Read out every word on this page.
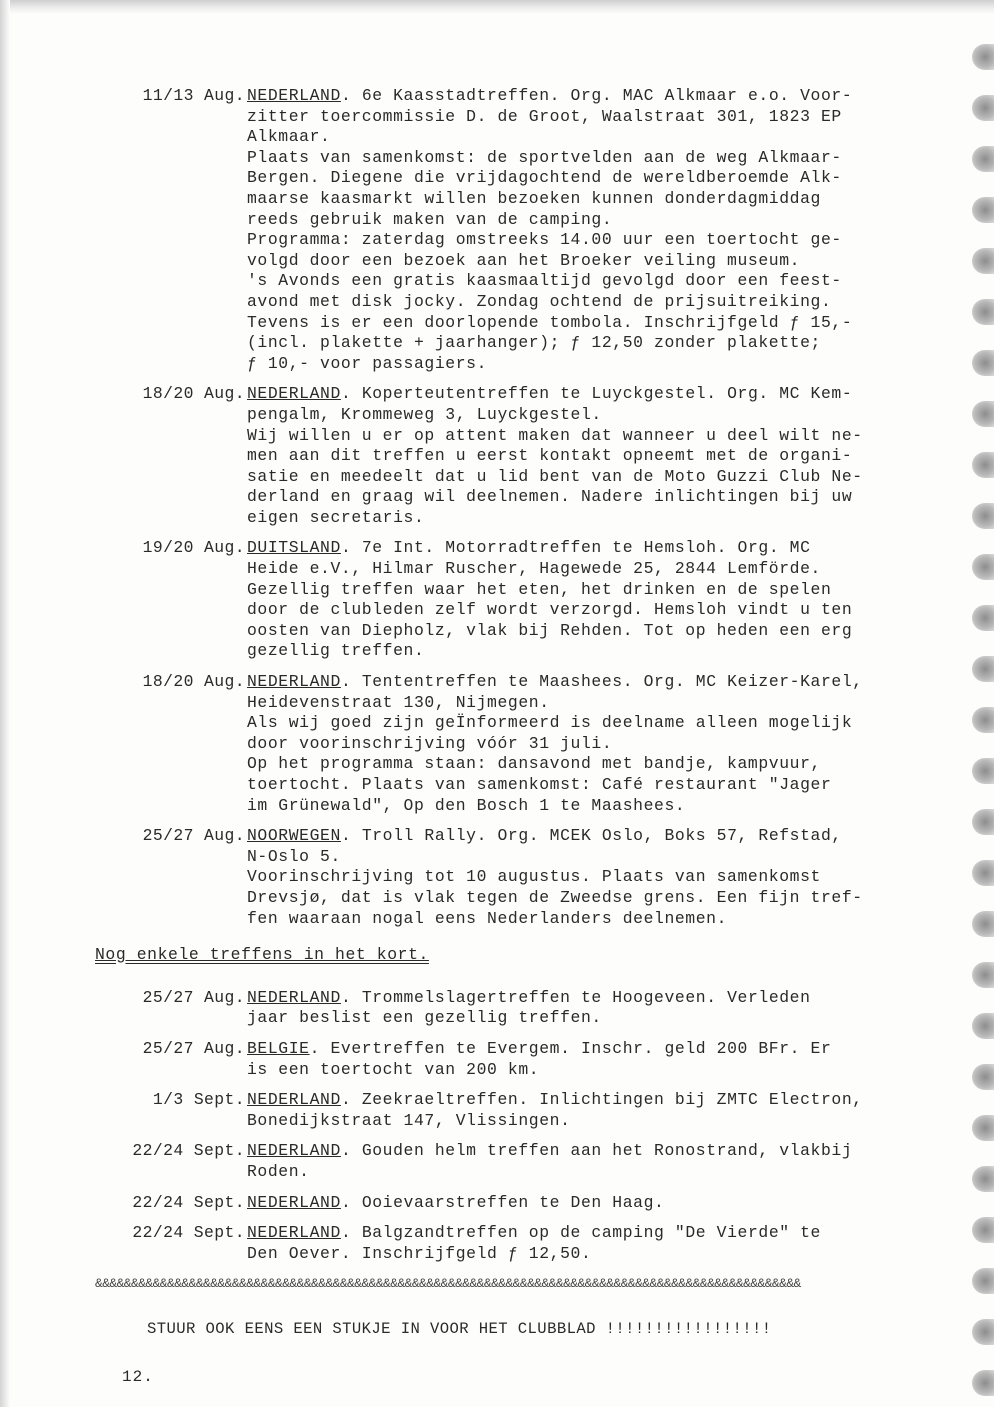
11/13 Aug. NEDERLAND. 6e Kaasstadtreffen. Org. MAC Alkmaar e.o. Voor-
zitter toercommissie D. de Groot, Waalstraat 301, 1823 EP
Alkmaar.
Plaats van samenkomst: de sportvelden aan de weg Alkmaar-
Bergen. Diegene die vrijdagochtend de wereldberoemde Alk-
maarse kaasmarkt willen bezoeken kunnen donderdagmiddag
reeds gebruik maken van de camping.
Programma: zaterdag omstreeks 14.00 uur een toertocht ge-
volgd door een bezoek aan het Broeker veiling museum.
's Avonds een gratis kaasmaaltijd gevolgd door een feest-
avond met disk jocky. Zondag ochtend de prijsuitreiking.
Tevens is er een doorlopende tombola. Inschrijfgeld ƒ 15,-
(incl. plakette + jaarhanger); ƒ 12,50 zonder plakette;
ƒ 10,- voor passagiers.
18/20 Aug. NEDERLAND. Koperteutentreffen te Luyckgestel. Org. MC Kem-
pengalm, Krommeweg 3, Luyckgestel.
Wij willen u er op attent maken dat wanneer u deel wilt ne-
men aan dit treffen u eerst kontakt opneemt met de organi-
satie en meedeelt dat u lid bent van de Moto Guzzi Club Ne-
derland en graag wil deelnemen. Nadere inlichtingen bij uw
eigen secretaris.
19/20 Aug. DUITSLAND. 7e Int. Motorradtreffen te Hemsloh. Org. MC
Heide e.V., Hilmar Ruscher, Hagewede 25, 2844 Lemförde.
Gezellig treffen waar het eten, het drinken en de spelen
door de clubleden zelf wordt verzorgd. Hemsloh vindt u ten
oosten van Diepholz, vlak bij Rehden. Tot op heden een erg
gezellig treffen.
18/20 Aug. NEDERLAND. Tententreffen te Maashees. Org. MC Keizer-Karel,
Heidevenstraat 130, Nijmegen.
Als wij goed zijn geÏnformeerd is deelname alleen mogelijk
door voorinschrijving vóór 31 juli.
Op het programma staan: dansavond met bandje, kampvuur,
toertocht. Plaats van samenkomst: Café restaurant "Jager
im Grünewald", Op den Bosch 1 te Maashees.
25/27 Aug. NOORWEGEN. Troll Rally. Org. MCEK Oslo, Boks 57, Refstad,
N-Oslo 5.
Voorinschrijving tot 10 augustus. Plaats van samenkomst
Drevsjø, dat is vlak tegen de Zweedse grens. Een fijn tref-
fen waaraan nogal eens Nederlanders deelnemen.
Nog enkele treffens in het kort.
25/27 Aug. NEDERLAND. Trommelslagertreffen te Hoogeveen. Verleden
jaar beslist een gezellig treffen.
25/27 Aug. BELGIE. Evertreffen te Evergem. Inschr. geld 200 BFr. Er
is een toertocht van 200 km.
1/3 Sept. NEDERLAND. Zeekraeltreffen. Inlichtingen bij ZMTC Electron,
Bonedijkstraat 147, Vlissingen.
22/24 Sept. NEDERLAND. Gouden helm treffen aan het Ronostrand, vlakbij
Roden.
22/24 Sept. NEDERLAND. Ooievaarstreffen te Den Haag.
22/24 Sept. NEDERLAND. Balgzandtreffen op de camping "De Vierde" te
Den Oever. Inschrijfgeld ƒ 12,50.
&&&&&&&&&&&&&&&&&&&&&&&&&&&&&&&&&&&&&&&&&&&&&&&&&&&&&&&&&&&&&&&&&&&&&&&&&&&&&&&&&&&&&&&&&&&&&&&&&&
STUUR OOK EENS EEN STUKJE IN VOOR HET CLUBBLAD !!!!!!!!!!!!!!!!!
12.
